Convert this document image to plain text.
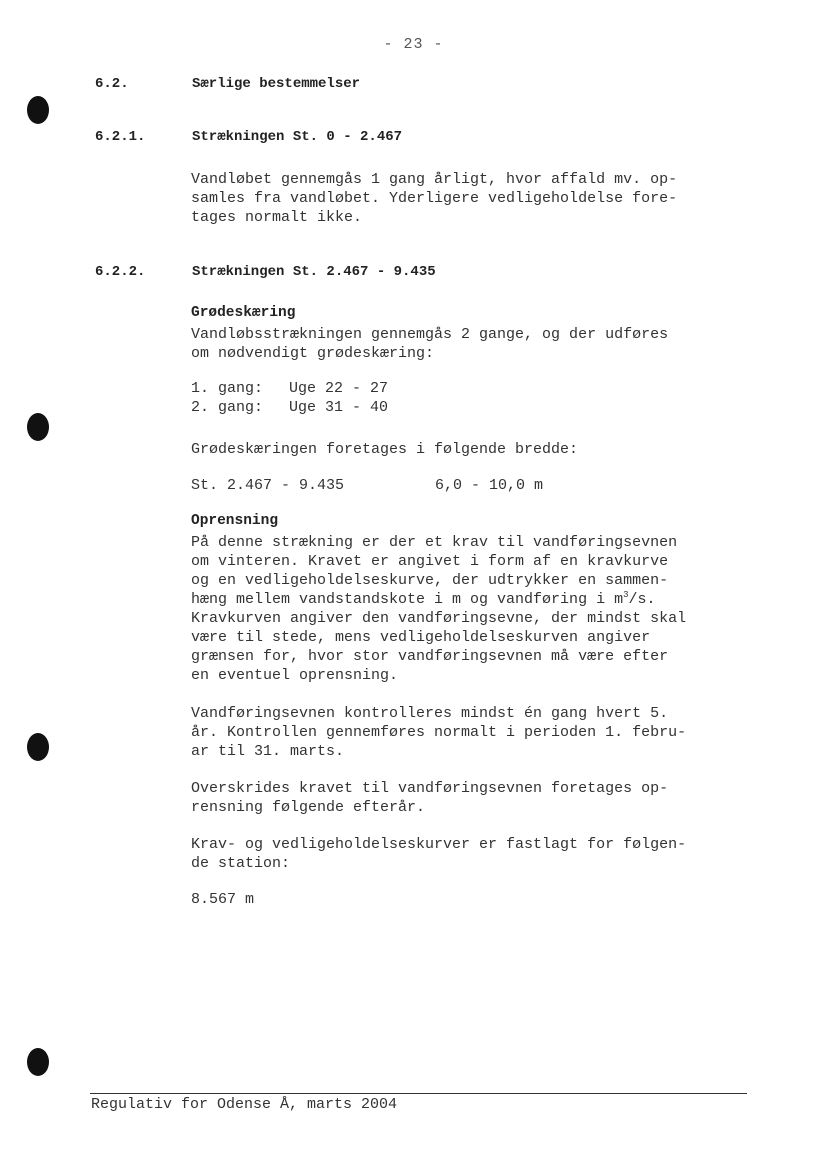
- 23 -
6.2.	Særlige bestemmelser
6.2.1.	Strækningen St. 0 - 2.467
Vandløbet gennemgås 1 gang årligt, hvor affald mv. op-
samles fra vandløbet. Yderligere vedligeholdelse fore-
tages normalt ikke.
6.2.2.	Strækningen St. 2.467 - 9.435
Grødeskæring
Vandløbsstrækningen gennemgås 2 gange, og der udføres
om nødvendigt grødeskæring:
1. gang: Uge 22 - 27
2. gang: Uge 31 - 40
Grødeskæringen foretages i følgende bredde:
St. 2.467 - 9.435	6,0 - 10,0 m
Oprensning
På denne strækning er der et krav til vandføringsevnen
om vinteren. Kravet er angivet i form af en kravkurve
og en vedligeholdelseskurve, der udtrykker en sammen-
hæng mellem vandstandskote i m og vandføring i $m^3/s$.
Kravkurven angiver den vandføringsevne, der mindst skal
være til stede, mens vedligeholdelseskurven angiver
grænsen for, hvor stor vandføringsevnen må være efter
en eventuel oprensning.
Vandføringsevnen kontrolleres mindst én gang hvert 5.
år. Kontrollen gennemføres normalt i perioden 1. febru-
ar til 31. marts.
Overskrides kravet til vandføringsevnen foretages op-
rensning følgende efterår.
Krav- og vedligeholdelseskurver er fastlagt for følgen-
de station:
8.567 m
Regulativ for Odense Å, marts 2004
